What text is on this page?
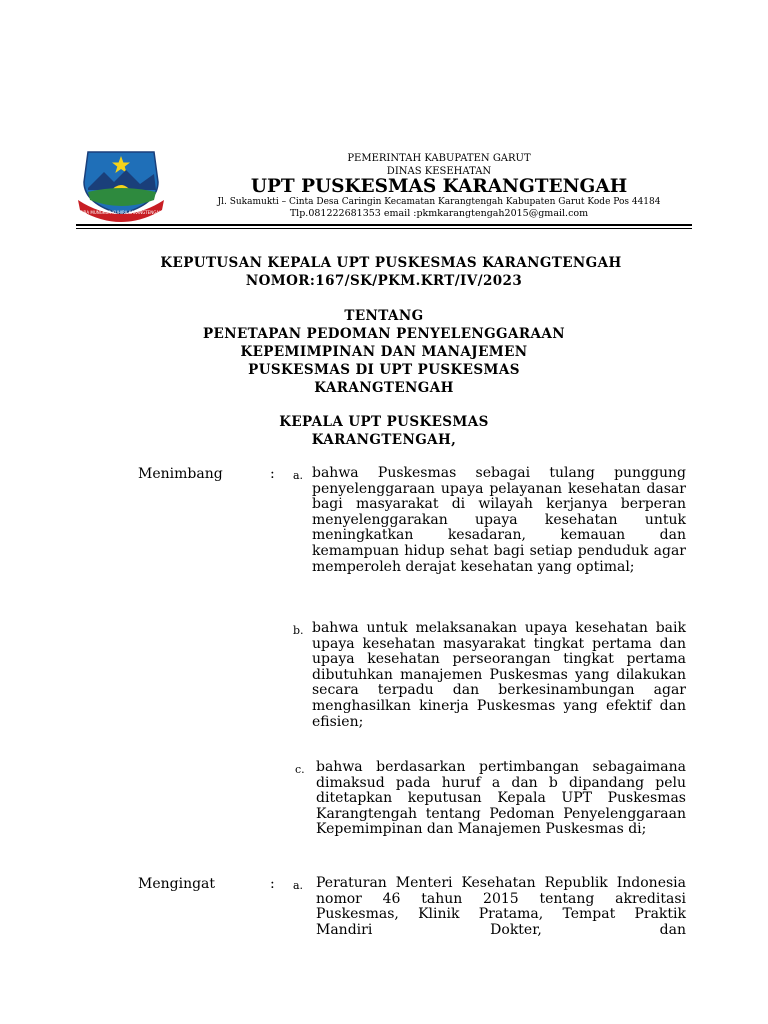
SIBA MUNGKUR KUHIRA KARANGTENGAH
PEMERINTAH KABUPATEN GARUT
DINAS KESEHATAN
UPT PUSKESMAS KARANGTENGAH
Jl. Sukamukti – Cinta Desa Caringin Kecamatan Karangtengah Kabupaten Garut Kode Pos 44184
Tlp.081222681353 email :pkmkarangtengah2015@gmail.com
KEPUTUSAN KEPALA UPT PUSKESMAS KARANGTENGAH
NOMOR:167/SK/PKM.KRT/IV/2023
TENTANG
PENETAPAN PEDOMAN PENYELENGGARAAN
KEPEMIMPINAN DAN MANAJEMEN
PUSKESMAS DI UPT PUSKESMAS
KARANGTENGAH
KEPALA UPT PUSKESMAS
KARANGTENGAH,
Menimbang	: a. bahwa Puskesmas sebagai tulang punggung penyelenggaraan upaya pelayanan kesehatan dasar bagi masyarakat di wilayah kerjanya berperan menyelenggarakan upaya kesehatan untuk meningkatkan kesadaran, kemauan dan kemampuan hidup sehat bagi setiap penduduk agar memperoleh derajat kesehatan yang optimal;
b. bahwa untuk melaksanakan upaya kesehatan baik upaya kesehatan masyarakat tingkat pertama dan upaya kesehatan perseorangan tingkat pertama dibutuhkan manajemen Puskesmas yang dilakukan secara terpadu dan berkesinambungan agar menghasilkan kinerja Puskesmas yang efektif dan efisien;
c. bahwa berdasarkan pertimbangan sebagaimana dimaksud pada huruf a dan b dipandang pelu ditetapkan keputusan Kepala UPT Puskesmas Karangtengah tentang Pedoman Penyelenggaraan Kepemimpinan dan Manajemen Puskesmas di;
Mengingat	: a. Peraturan Menteri Kesehatan Republik Indonesia nomor 46 tahun 2015 tentang akreditasi Puskesmas, Klinik Pratama, Tempat Praktik Mandiri Dokter, dan
